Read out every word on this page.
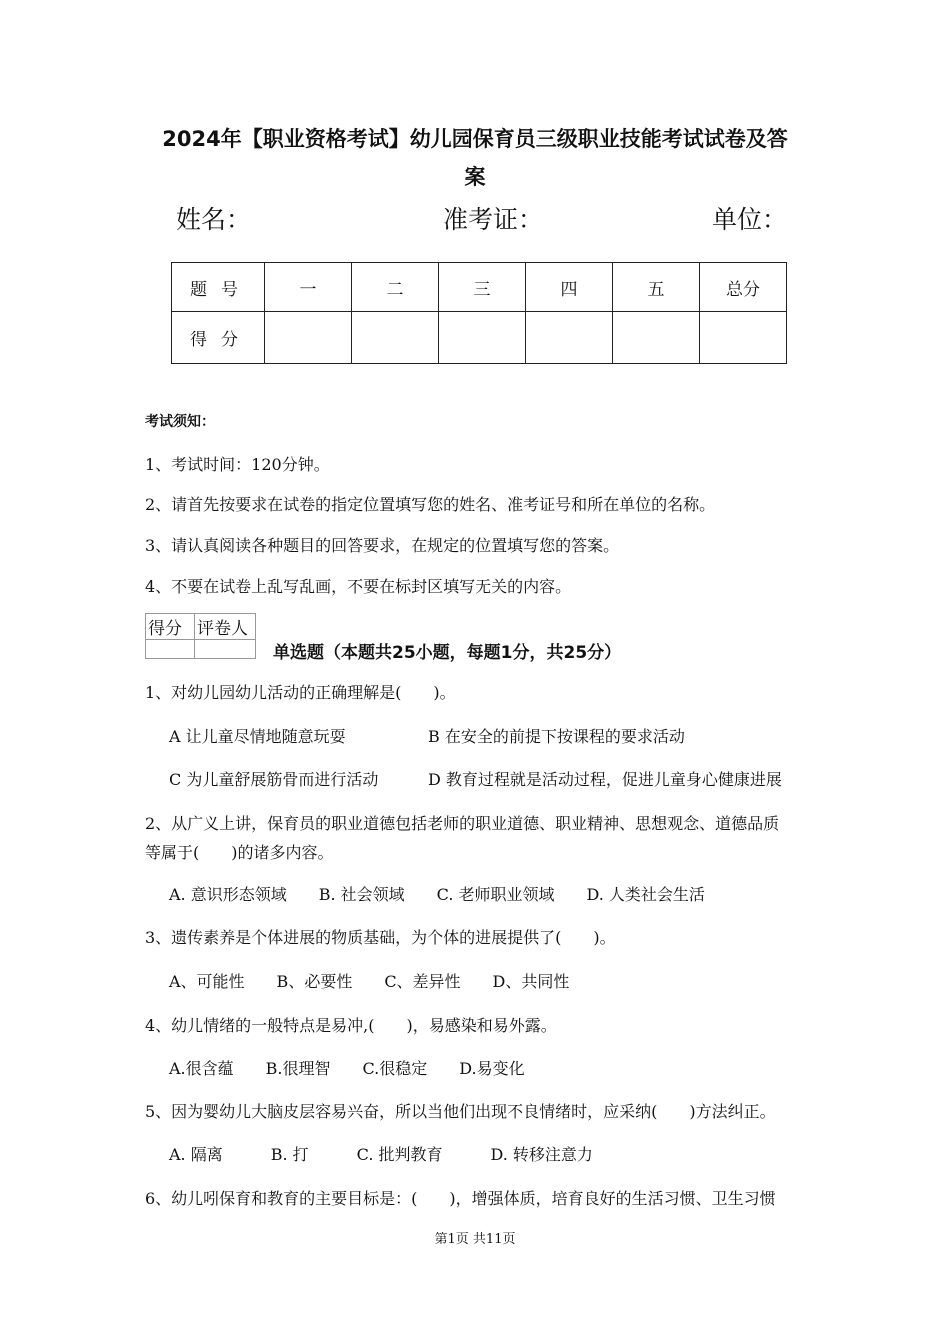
2024年【职业资格考试】幼儿园保育员三级职业技能考试试卷及答
案
姓名：	准考证：	单位：
题号	一	二	三	四	五	总分
得分						
考试须知：
1、考试时间：120分钟。
2、请首先按要求在试卷的指定位置填写您的姓名、准考证号和所在单位的名称。
3、请认真阅读各种题目的回答要求，在规定的位置填写您的答案。
4、不要在试卷上乱写乱画，不要在标封区填写无关的内容。
得分	评卷人

单选题（本题共25小题，每题1分，共25分）
1、对幼儿园幼儿活动的正确理解是(　　)。
A 让儿童尽情地随意玩耍	B 在安全的前提下按课程的要求活动
C 为儿童舒展筋骨而进行活动	D 教育过程就是活动过程，促进儿童身心健康进展
2、从广义上讲，保育员的职业道德包括老师的职业道德、职业精神、思想观念、道德品质
等属于(　　)的诸多内容。
A. 意识形态领域　　B. 社会领域　　C. 老师职业领域　　D. 人类社会生活
3、遗传素养是个体进展的物质基础，为个体的进展提供了(　　)。
A、可能性　　B、必要性　　C、差异性　　D、共同性
4、幼儿情绪的一般特点是易冲,(　　)，易感染和易外露。
A.很含蕴　　B.很理智　　C.很稳定　　D.易变化
5、因为婴幼儿大脑皮层容易兴奋，所以当他们出现不良情绪时，应采纳(　　)方法纠正。
A. 隔离　　　B. 打　　　C. 批判教育　　　D. 转移注意力
6、幼儿吲保育和教育的主要目标是：(　　)，增强体质，培育良好的生活习惯、卫生习惯
第1页 共11页
